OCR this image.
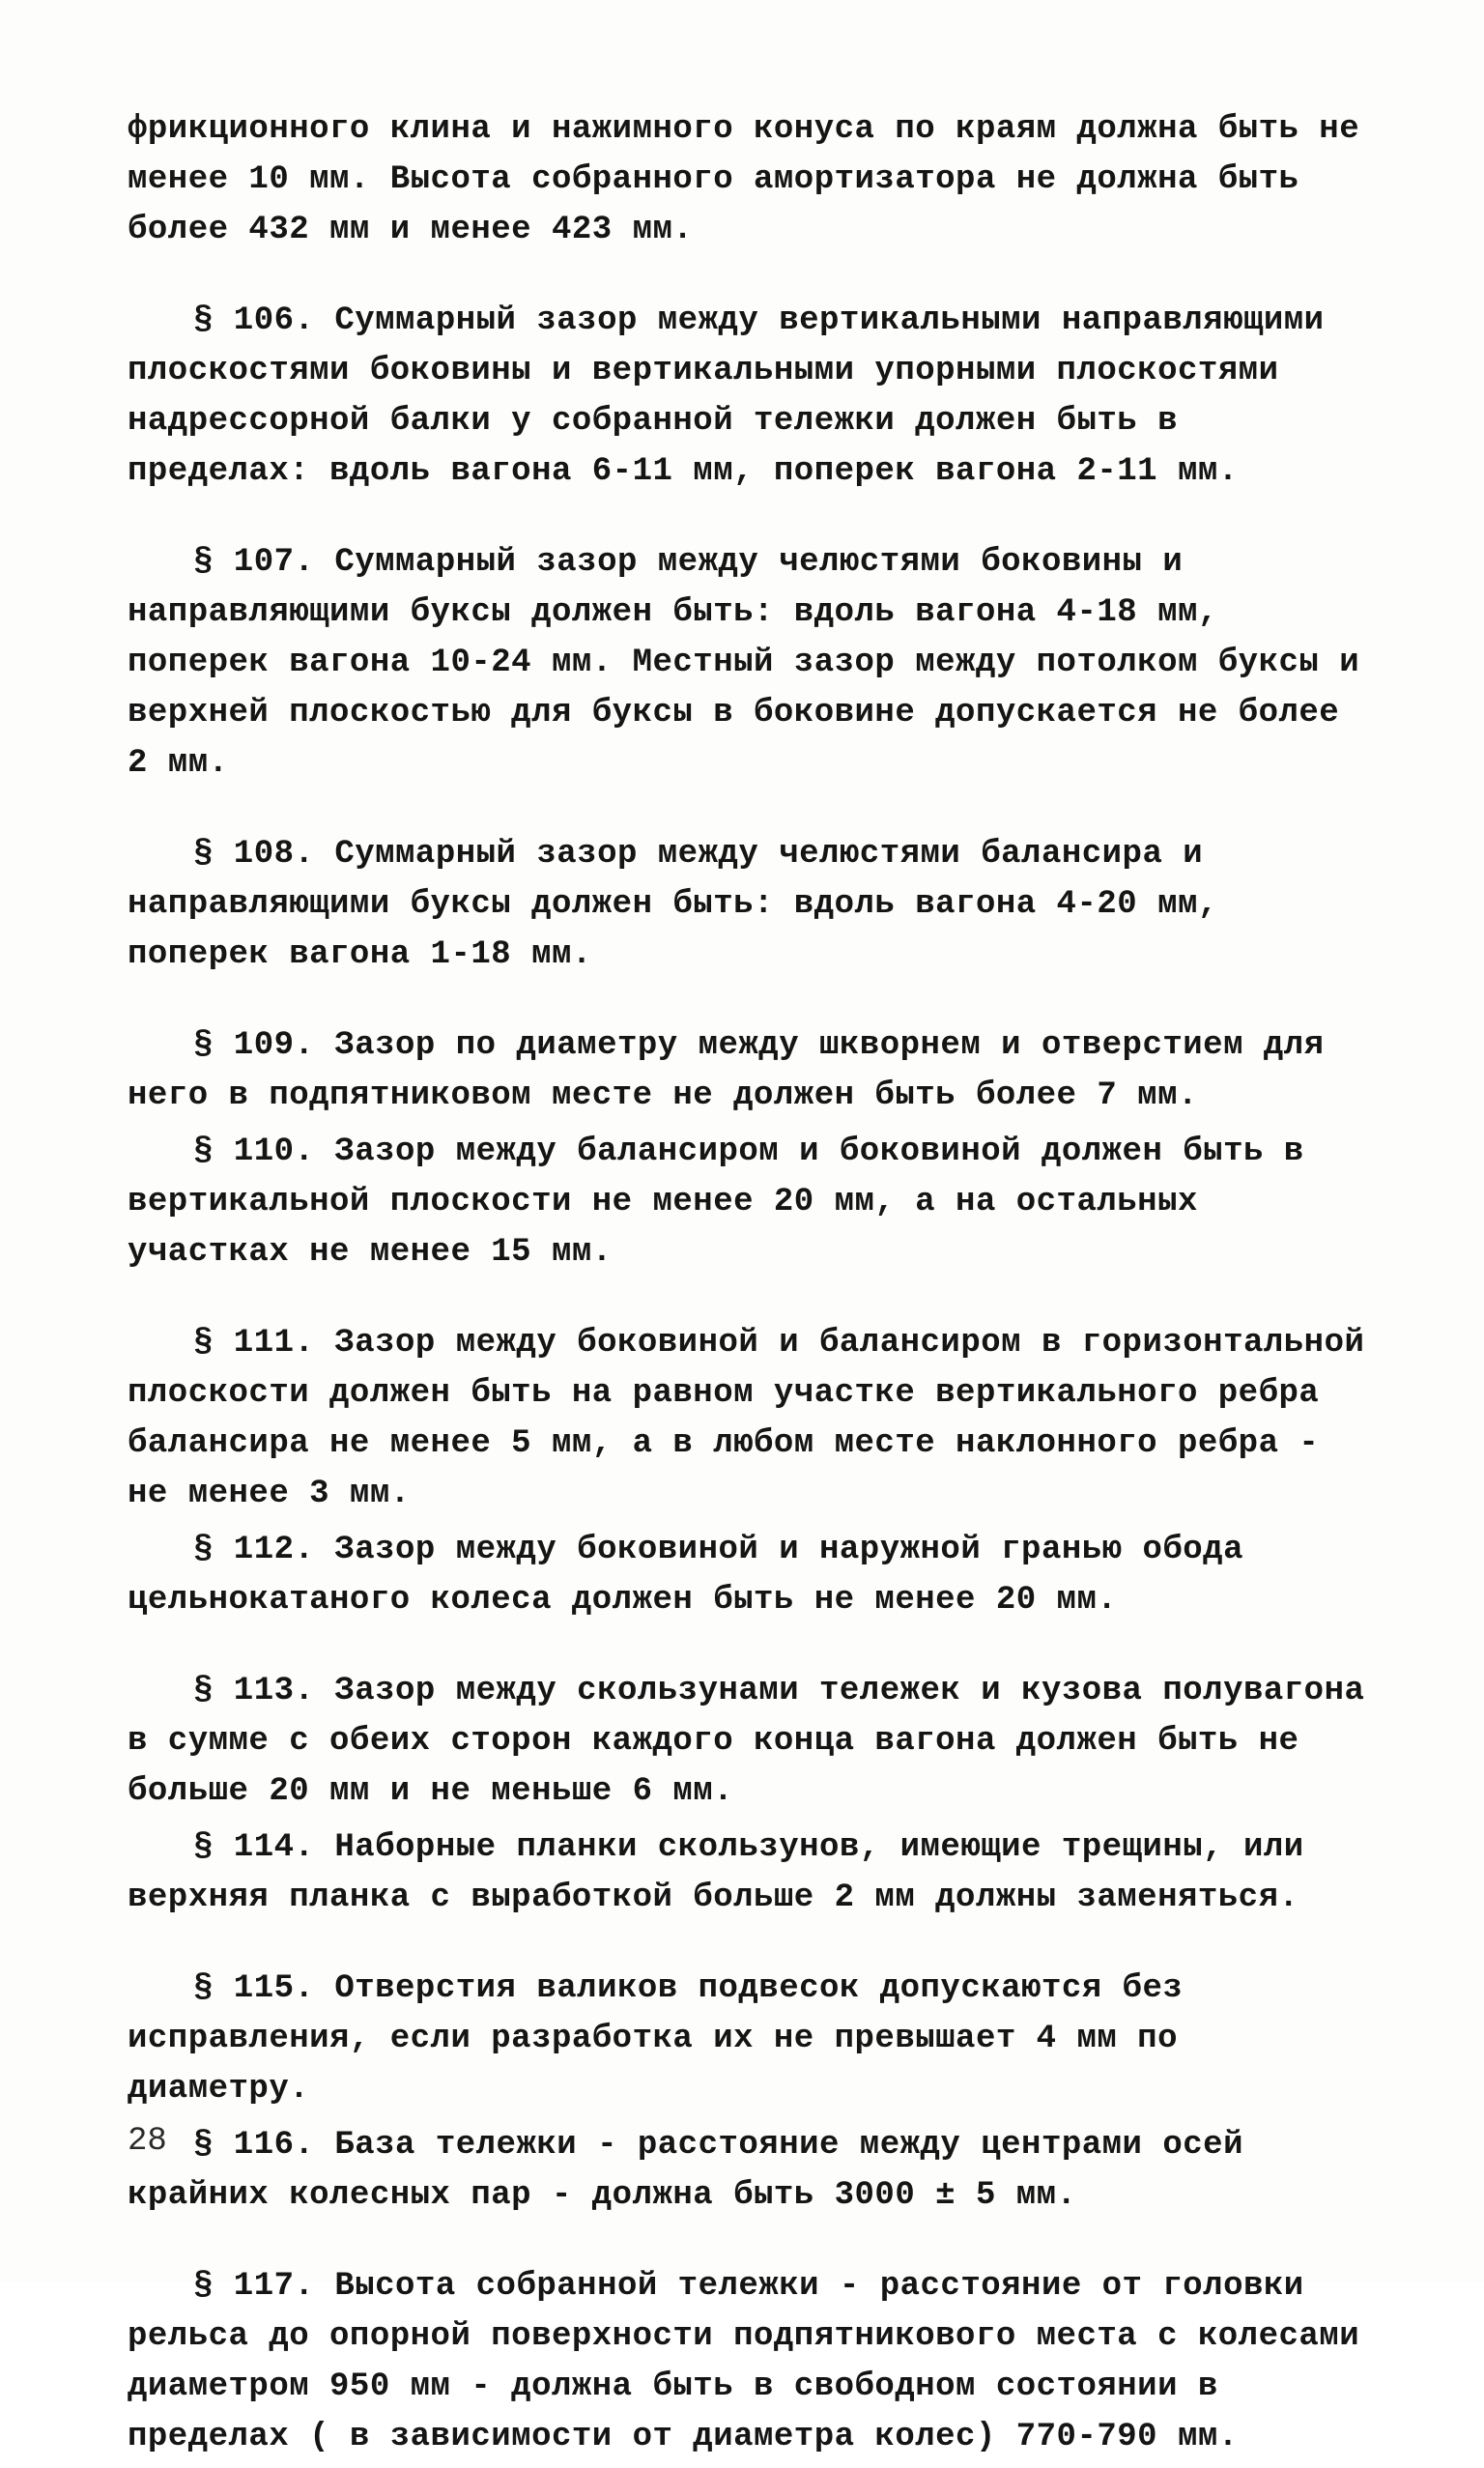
фрикционного клина и нажимного конуса по краям должна быть не менее 10 мм. Высота собранного амортизатора не должна быть более 432 мм и менее 423 мм.

§ 106. Суммарный зазор между вертикальными направляющими плоскостями боковины и вертикальными упорными плоскостями надрессорной балки у собранной тележки должен быть в пределах: вдоль вагона 6-11 мм, поперек вагона 2-11 мм.

§ 107. Суммарный зазор между челюстями боковины и направляющими буксы должен быть: вдоль вагона 4-18 мм, поперек вагона 10-24 мм. Местный зазор между потолком буксы и верхней плоскостью для буксы в боковине допускается не более 2 мм.

§ 108. Суммарный зазор между челюстями балансира и направляющими буксы должен быть: вдоль вагона 4-20 мм, поперек вагона 1-18 мм.

§ 109. Зазор по диаметру между шкворнем и отверстием для него в подпятниковом месте не должен быть более 7 мм.

§ 110. Зазор между балансиром и боковиной должен быть в вертикальной плоскости не менее 20 мм, а на остальных участках не менее 15 мм.

§ 111. Зазор между боковиной и балансиром в горизонтальной плоскости должен быть на равном участке вертикального ребра балансира не менее 5 мм, а в любом месте наклонного ребра - не менее 3 мм.

§ 112. Зазор между боковиной и наружной гранью обода цельнокатаного колеса должен быть не менее 20 мм.

§ 113. Зазор между скользунами тележек и кузова полувагона в сумме с обеих сторон каждого конца вагона должен быть не больше 20 мм и не меньше 6 мм.

§ 114. Наборные планки скользунов, имеющие трещины, или верхняя планка с выработкой больше 2 мм должны заменяться.

§ 115. Отверстия валиков подвесок допускаются без исправления, если разработка их не превышает 4 мм по диаметру.

§ 116. База тележки - расстояние между центрами осей крайних колесных пар - должна быть 3000 ± 5 мм.

§ 117. Высота собранной тележки - расстояние от головки рельса до опорной поверхности подпятникового места с колесами диаметром 950 мм - должна быть в свободном состоянии в пределах ( в зависимости от диаметра колес) 770-790 мм.

28
